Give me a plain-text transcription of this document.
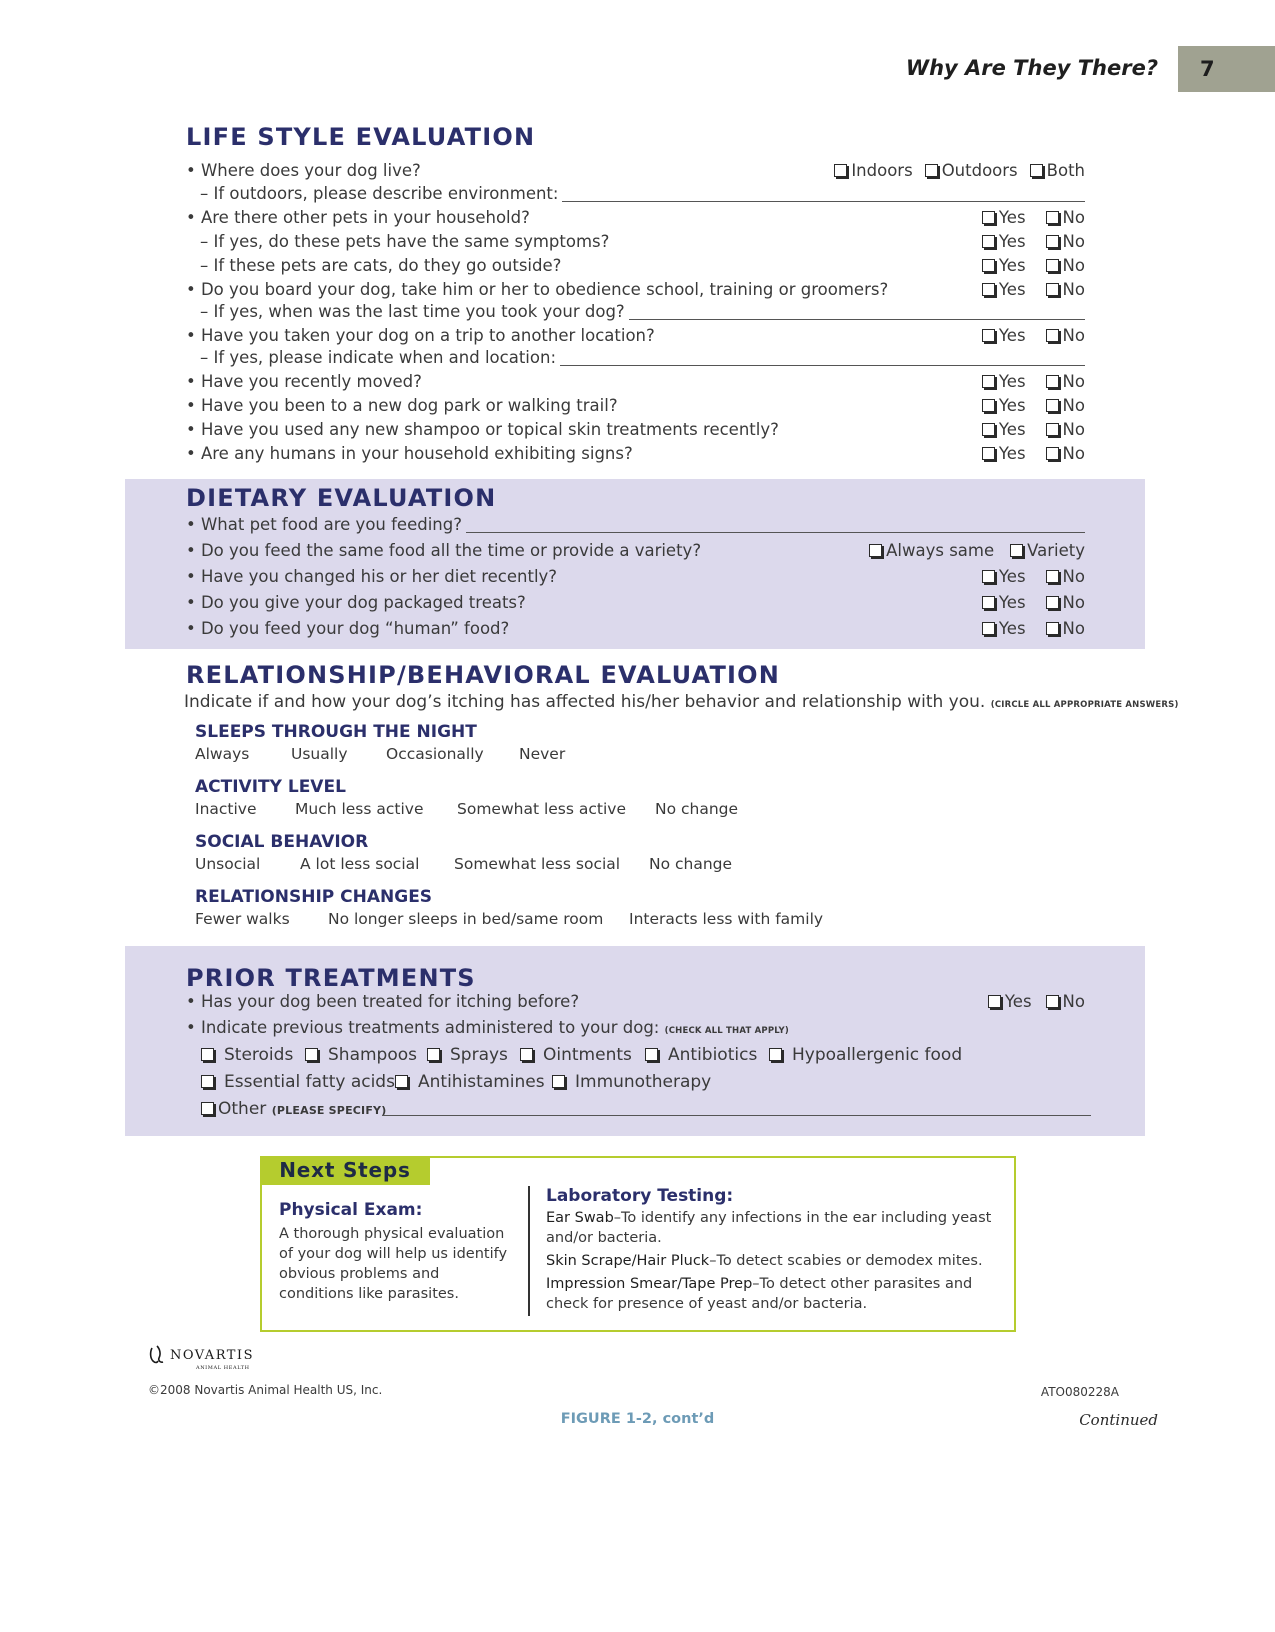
Why Are They There?	7
LIFE STYLE EVALUATION
• Where does your dog live?	Indoors Outdoors Both
– If outdoors, please describe environment:
• Are there other pets in your household?	Yes No
– If yes, do these pets have the same symptoms?	Yes No
– If these pets are cats, do they go outside?	Yes No
• Do you board your dog, take him or her to obedience school, training or groomers?	Yes No
– If yes, when was the last time you took your dog?
• Have you taken your dog on a trip to another location?	Yes No
– If yes, please indicate when and location:
• Have you recently moved?	Yes No
• Have you been to a new dog park or walking trail?	Yes No
• Have you used any new shampoo or topical skin treatments recently?	Yes No
• Are any humans in your household exhibiting signs?	Yes No
DIETARY EVALUATION
• What pet food are you feeding?
• Do you feed the same food all the time or provide a variety?	Always same Variety
• Have you changed his or her diet recently?	Yes No
• Do you give your dog packaged treats?	Yes No
• Do you feed your dog “human” food?	Yes No
RELATIONSHIP/BEHAVIORAL EVALUATION
Indicate if and how your dog’s itching has affected his/her behavior and relationship with you. (CIRCLE ALL APPROPRIATE ANSWERS)
SLEEPS THROUGH THE NIGHT
Always	Usually Occasionally Never
ACTIVITY LEVEL
Inactive Much less active Somewhat less active No change
SOCIAL BEHAVIOR
Unsocial	A lot less social Somewhat less social No change
RELATIONSHIP CHANGES
Fewer walks No longer sleeps in bed/same room Interacts less with family
PRIOR TREATMENTS
• Has your dog been treated for itching before?	Yes No
• Indicate previous treatments administered to your dog: (CHECK ALL THAT APPLY)
Steroids	Shampoos	Sprays	Ointments	Antibiotics	Hypoallergenic food
Essential fatty acids	Antihistamines	Immunotherapy
Other (PLEASE SPECIFY)
Next Steps
Physical Exam:
A thorough physical evaluation of your dog will help us identify obvious problems and conditions like parasites.
Laboratory Testing:
Ear Swab–To identify any infections in the ear including yeast and/or bacteria.
Skin Scrape/Hair Pluck–To detect scabies or demodex mites.
Impression Smear/Tape Prep–To detect other parasites and check for presence of yeast and/or bacteria.
NOVARTIS
ANIMAL HEALTH
©2008 Novartis Animal Health US, Inc.	ATO080228A
FIGURE 1-2, cont’d	Continued
